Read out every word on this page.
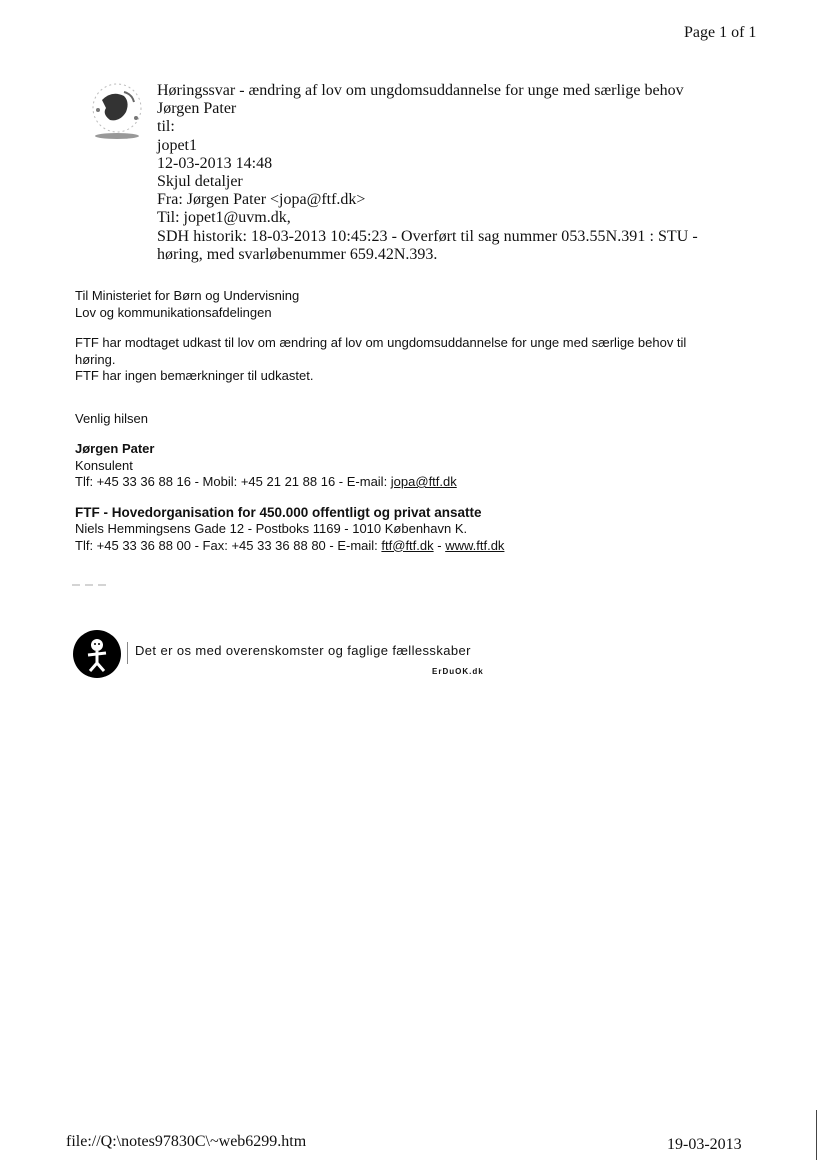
Page 1 of 1
Høringssvar - ændring af lov om ungdomsuddannelse for unge med særlige behov
Jørgen Pater
til:
jopet1
12-03-2013 14:48
Skjul detaljer
Fra: Jørgen Pater <jopa@ftf.dk>
Til: jopet1@uvm.dk,
SDH historik: 18-03-2013 10:45:23 - Overført til sag nummer 053.55N.391 : STU -
høring, med svarløbenummer 659.42N.393.
Til Ministeriet for Børn og Undervisning
Lov og kommunikationsafdelingen
FTF har modtaget udkast til lov om ændring af lov om ungdomsuddannelse for unge med særlige behov til
høring.
FTF har ingen bemærkninger til udkastet.
Venlig hilsen
Jørgen Pater
Konsulent
Tlf: +45 33 36 88 16 - Mobil: +45 21 21 88 16 - E-mail: jopa@ftf.dk
FTF - Hovedorganisation for 450.000 offentligt og privat ansatte
Niels Hemmingsens Gade 12 - Postboks 1169 - 1010 København K.
Tlf: +45 33 36 88 00 - Fax: +45 33 36 88 80 - E-mail: ftf@ftf.dk - www.ftf.dk
Det er os med overenskomster og faglige fællesskaber
ErDuOK.dk
file://Q:\notes97830C\~web6299.htm	19-03-2013
